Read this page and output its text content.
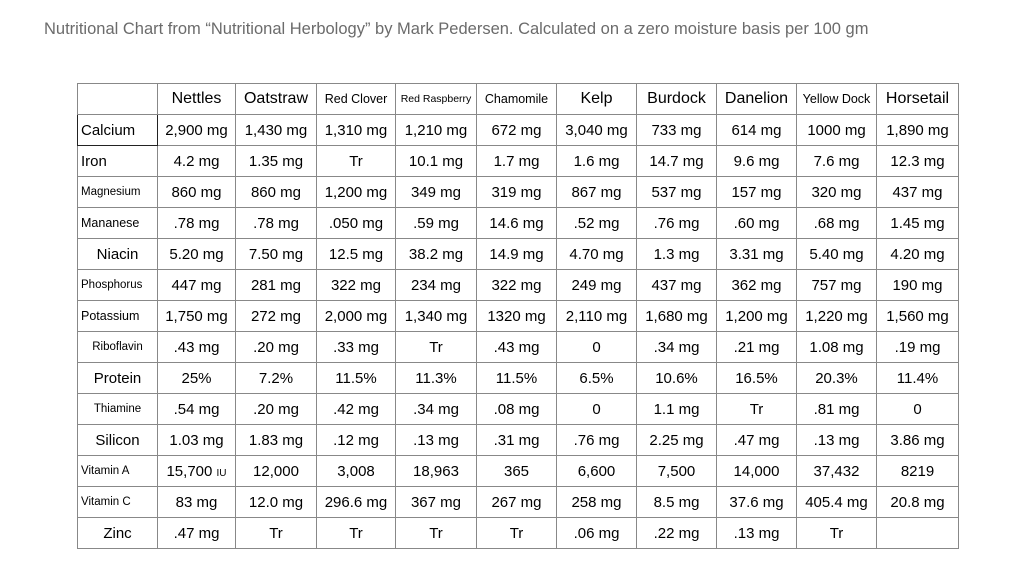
Nutritional Chart from “Nutritional Herbology” by Mark Pedersen. Calculated on a zero moisture basis per 100 gm
	Nettles	Oatstraw	Red Clover	Red Raspberry	Chamomile	Kelp	Burdock	Danelion	Yellow Dock	Horsetail
Calcium	2,900 mg	1,430 mg	1,310 mg	1,210 mg	672 mg	3,040 mg	733 mg	614 mg	1000 mg	1,890 mg
Iron	4.2 mg	1.35 mg	Tr	10.1 mg	1.7 mg	1.6 mg	14.7 mg	9.6 mg	7.6 mg	12.3 mg
Magnesium	860 mg	860 mg	1,200 mg	349 mg	319 mg	867 mg	537 mg	157 mg	320 mg	437 mg
Mananese	.78 mg	.78 mg	.050 mg	.59 mg	14.6 mg	.52 mg	.76 mg	.60 mg	.68 mg	1.45 mg
Niacin	5.20 mg	7.50 mg	12.5 mg	38.2 mg	14.9 mg	4.70 mg	1.3 mg	3.31 mg	5.40 mg	4.20 mg
Phosphorus	447 mg	281 mg	322 mg	234 mg	322 mg	249 mg	437 mg	362 mg	757 mg	190 mg
Potassium	1,750 mg	272 mg	2,000 mg	1,340 mg	1320 mg	2,110 mg	1,680 mg	1,200 mg	1,220 mg	1,560 mg
Riboflavin	.43 mg	.20 mg	.33 mg	Tr	.43 mg	0	.34 mg	.21 mg	1.08 mg	.19 mg
Protein	25%	7.2%	11.5%	11.3%	11.5%	6.5%	10.6%	16.5%	20.3%	11.4%
Thiamine	.54 mg	.20 mg	.42 mg	.34 mg	.08 mg	0	1.1 mg	Tr	.81 mg	0
Silicon	1.03 mg	1.83 mg	.12 mg	.13 mg	.31 mg	.76 mg	2.25 mg	.47 mg	.13 mg	3.86 mg
Vitamin A	15,700 IU	12,000	3,008	18,963	365	6,600	7,500	14,000	37,432	8219
Vitamin C	83 mg	12.0 mg	296.6 mg	367 mg	267 mg	258 mg	8.5 mg	37.6 mg	405.4 mg	20.8 mg
Zinc	.47 mg	Tr	Tr	Tr	Tr	.06 mg	.22 mg	.13 mg	Tr	
